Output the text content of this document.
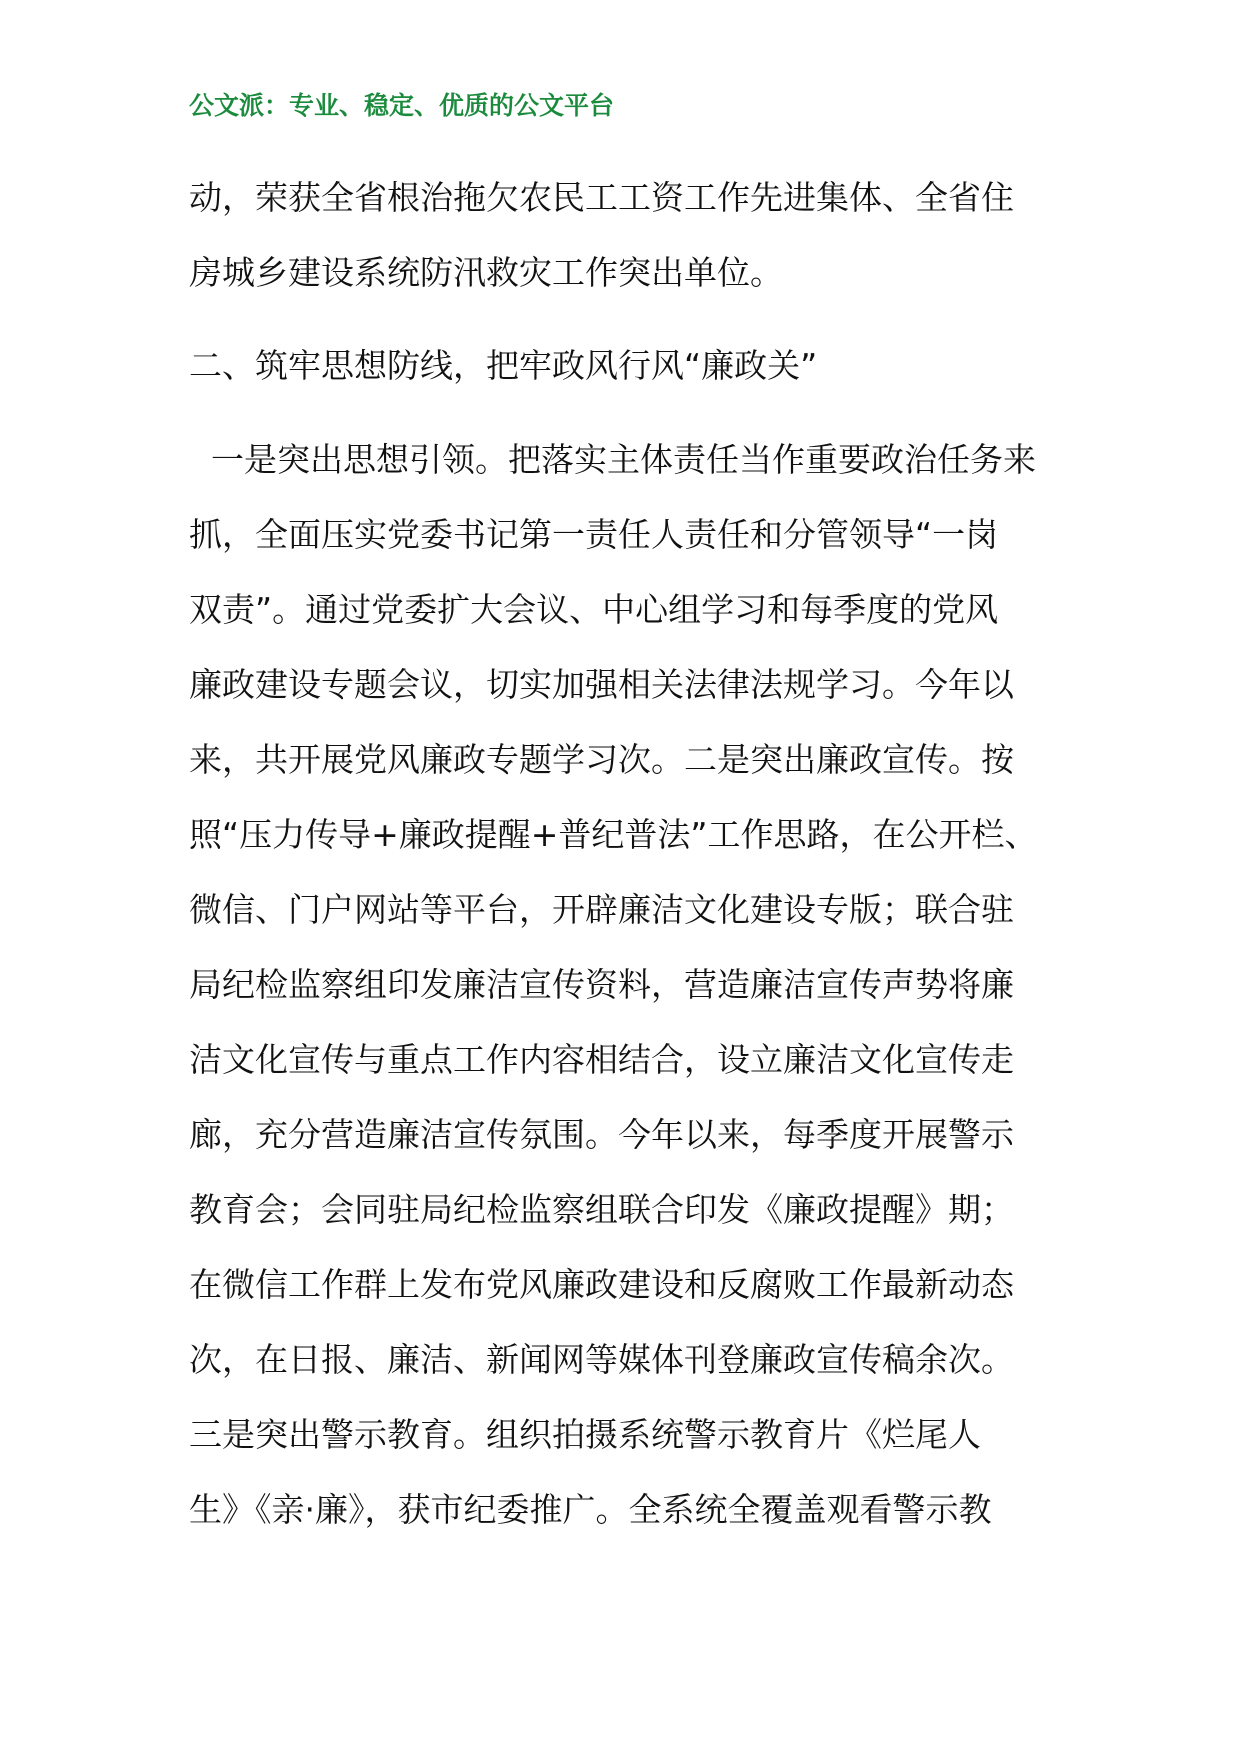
公文派：专业、稳定、优质的公文平台
动，荣获全省根治拖欠农民工工资工作先进集体、全省住
房城乡建设系统防汛救灾工作突出单位。
二、筑牢思想防线，把牢政风行风“廉政关”
一是突出思想引领。把落实主体责任当作重要政治任务来
抓，全面压实党委书记第一责任人责任和分管领导“一岗
双责”。通过党委扩大会议、中心组学习和每季度的党风
廉政建设专题会议，切实加强相关法律法规学习。今年以
来，共开展党风廉政专题学习次。二是突出廉政宣传。按
照“压力传导+廉政提醒+普纪普法”工作思路，在公开栏、
微信、门户网站等平台，开辟廉洁文化建设专版；联合驻
局纪检监察组印发廉洁宣传资料，营造廉洁宣传声势将廉
洁文化宣传与重点工作内容相结合，设立廉洁文化宣传走
廊，充分营造廉洁宣传氛围。今年以来，每季度开展警示
教育会；会同驻局纪检监察组联合印发《廉政提醒》期；
在微信工作群上发布党风廉政建设和反腐败工作最新动态
次，在日报、廉洁、新闻网等媒体刊登廉政宣传稿余次。
三是突出警示教育。组织拍摄系统警示教育片《烂尾人
生》《亲·廉》，获市纪委推广。全系统全覆盖观看警示教
